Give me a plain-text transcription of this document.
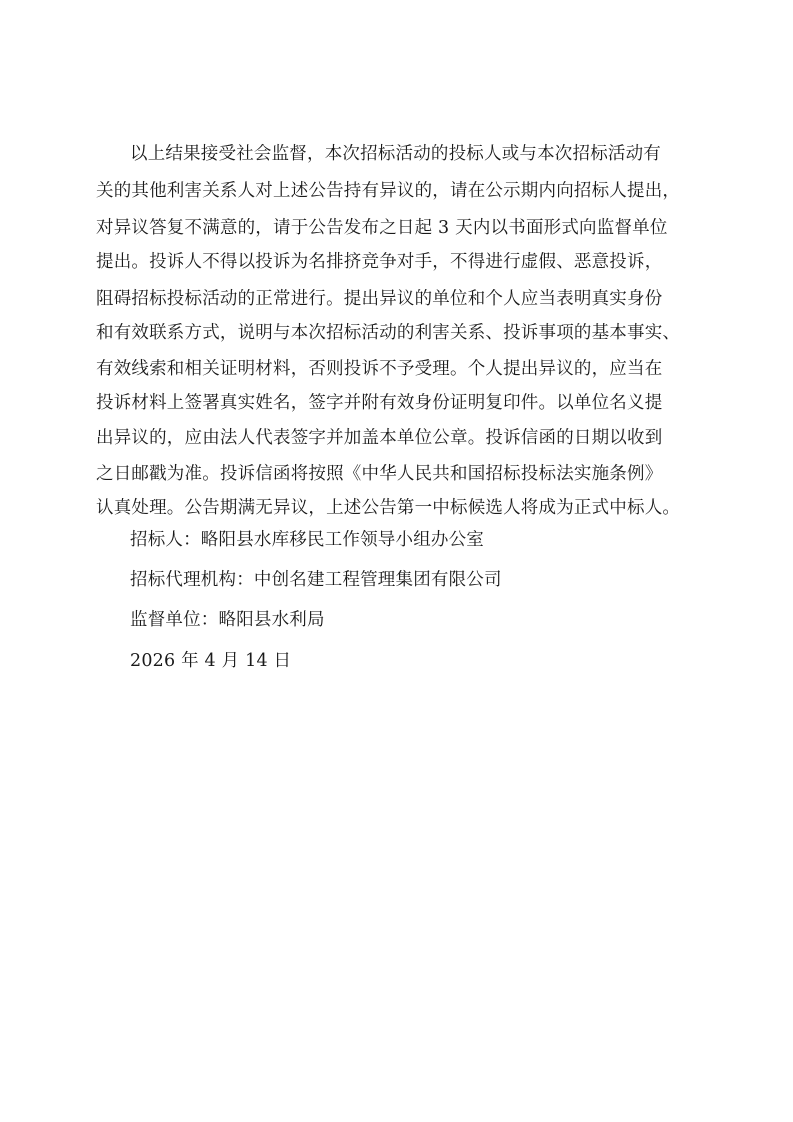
以上结果接受社会监督，本次招标活动的投标人或与本次招标活动有
关的其他利害关系人对上述公告持有异议的，请在公示期内向招标人提出，
对异议答复不满意的，请于公告发布之日起 3 天内以书面形式向监督单位
提出。投诉人不得以投诉为名排挤竞争对手，不得进行虚假、恶意投诉，
阻碍招标投标活动的正常进行。提出异议的单位和个人应当表明真实身份
和有效联系方式，说明与本次招标活动的利害关系、投诉事项的基本事实、
有效线索和相关证明材料，否则投诉不予受理。个人提出异议的，应当在
投诉材料上签署真实姓名，签字并附有效身份证明复印件。以单位名义提
出异议的，应由法人代表签字并加盖本单位公章。投诉信函的日期以收到
之日邮戳为准。投诉信函将按照《中华人民共和国招标投标法实施条例》
认真处理。公告期满无异议，上述公告第一中标候选人将成为正式中标人。
招标人：略阳县水库移民工作领导小组办公室
招标代理机构：中创名建工程管理集团有限公司
监督单位：略阳县水利局
2026 年 4 月 14 日
